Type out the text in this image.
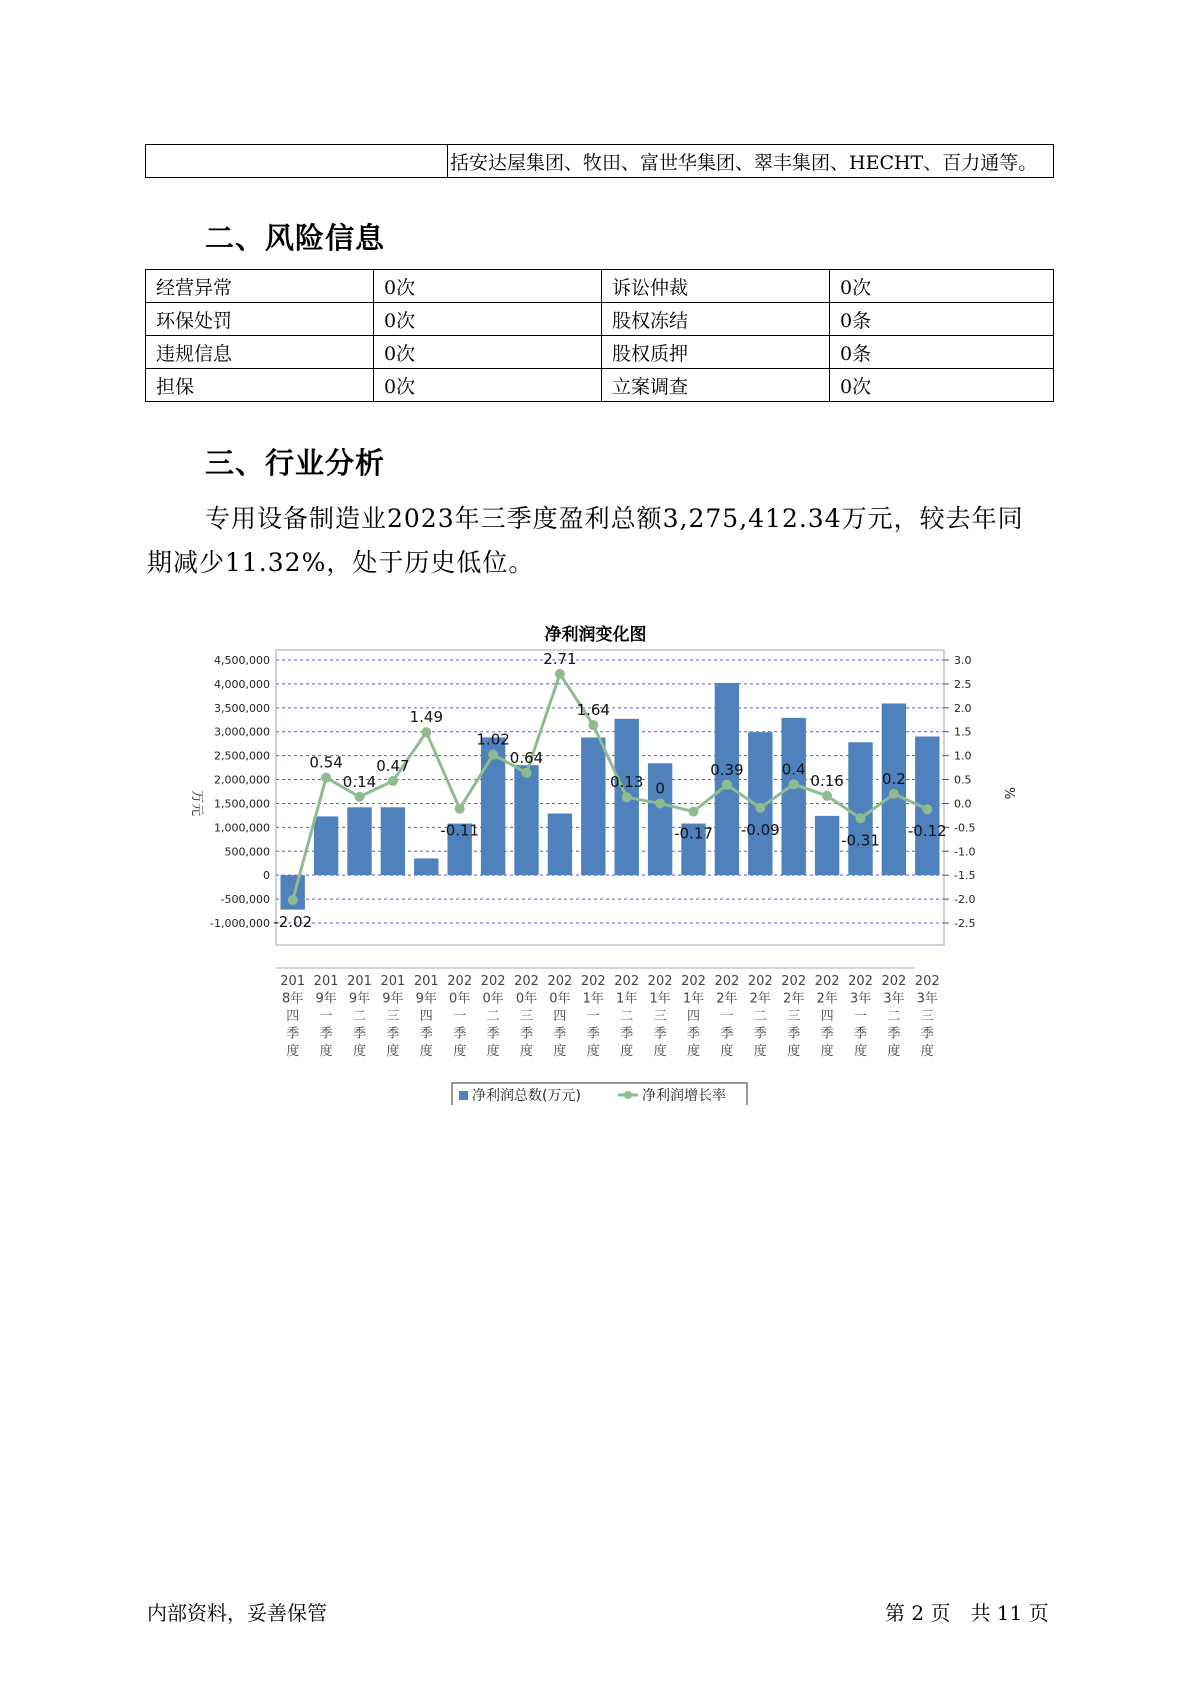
	括安达屋集团、牧田、富世华集团、翠丰集团、HECHT、百力通等。
二、风险信息
经营异常	0次	诉讼仲裁	0次
环保处罚	0次	股权冻结	0条
违规信息	0次	股权质押	0条
担保	0次	立案调查	0次
三、行业分析
专用设备制造业2023年三季度盈利总额3,275,412.34万元，较去年同
期减少11.32%，处于历史低位。
净利润变化图
4,500,000
4,000,000
3,500,000
3,000,000
2,500,000
2,000,000
1,500,000
1,000,000
500,000
0
-500,000
-1,000,000
3.0
2.5
2.0
1.5
1.0
0.5
0.0
-0.5
-1.0
-1.5
-2.0
-2.5
万元	%
-2.02
0.54
0.14
0.47
1.49
-0.11
1.02
0.64
2.71
1.64
0.13 0
-0.17
0.39
-0.09
0.4
0.16
-0.31
0.2
-0.12
201
8年
四
季
度
201
9年
一
季
度
201
9年
二
季
度
201
9年
三
季
度
201
9年
四
季
度
202
0年
一
季
度
202
0年
二
季
度
202
0年
三
季
度
202
0年
四
季
度
202
1年
一
季
度
202
1年
二
季
度
202
1年
三
季
度
202
1年
四
季
度
202
2年
一
季
度
202
2年
二
季
度
202
2年
三
季
度
202
2年
四
季
度
202
3年
一
季
度
202
3年
二
季
度
202
3年
三
季
度
净利润总数(万元)	净利润增长率
内部资料，妥善保管	第 2 页　共 11 页
